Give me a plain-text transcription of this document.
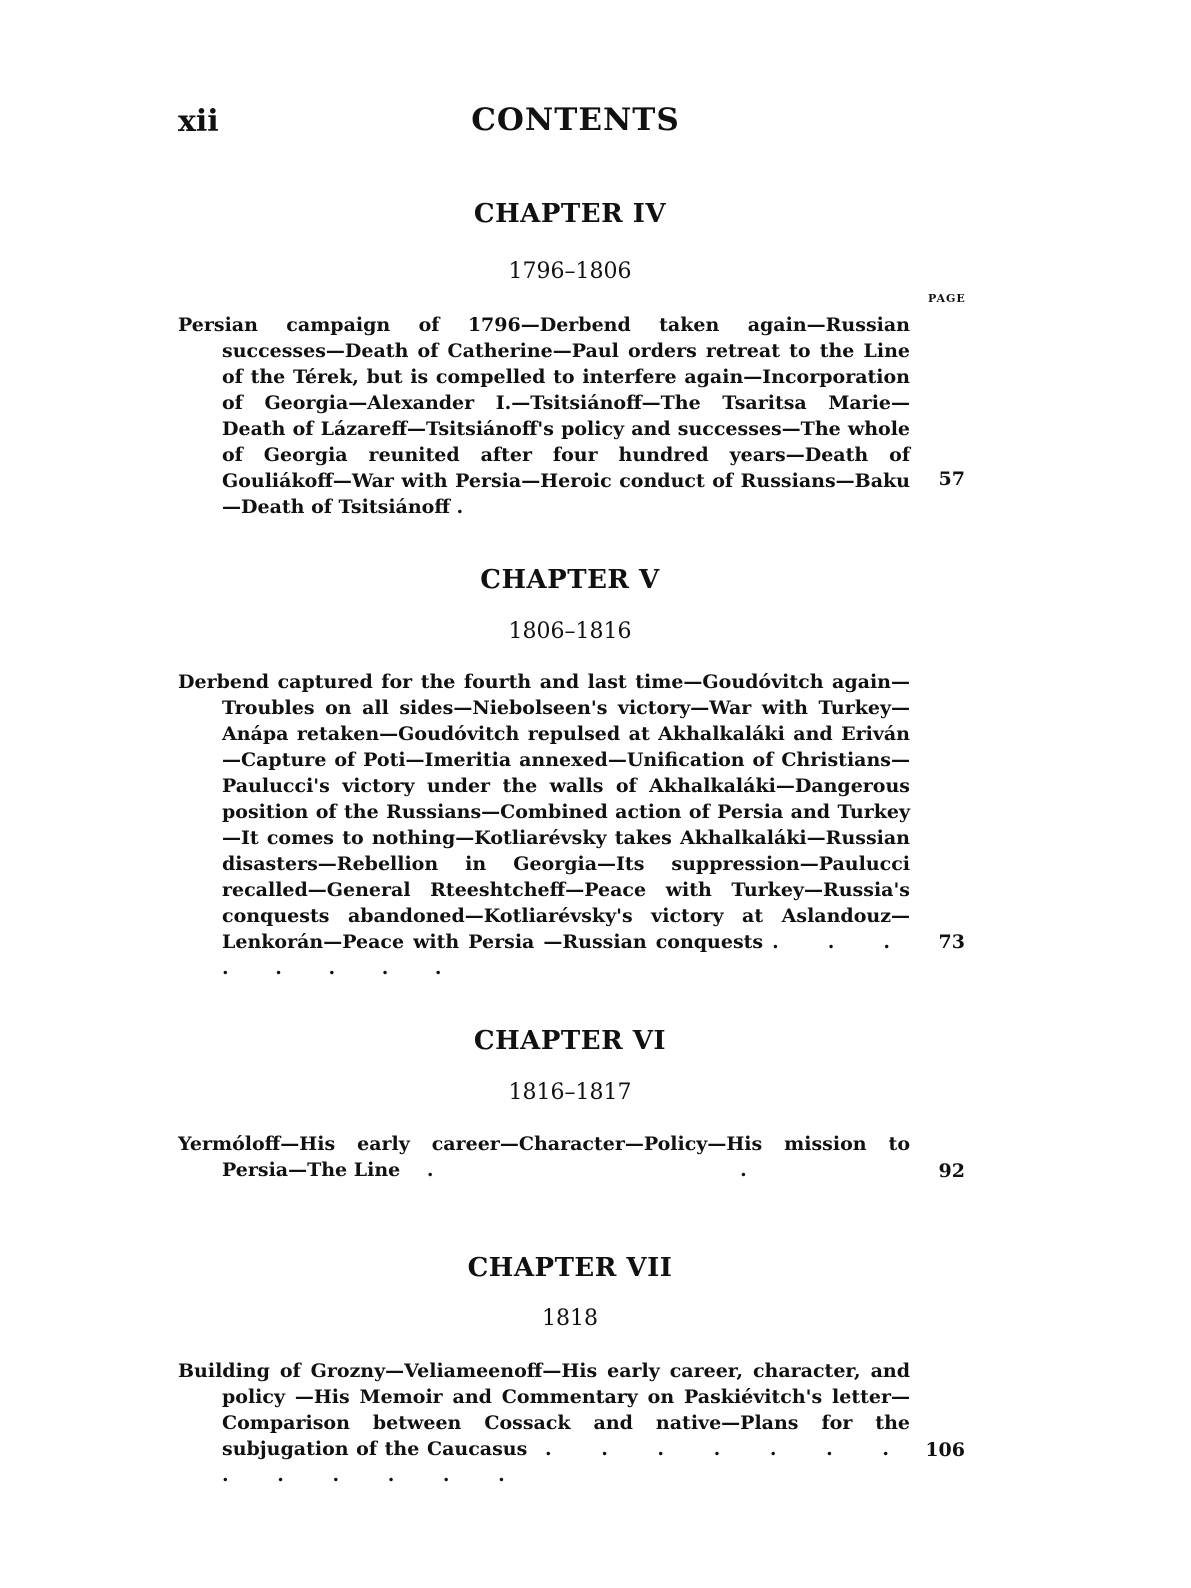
xii	CONTENTS
PAGE
CHAPTER IV
1796–1806
Persian campaign of 1796—Derbend taken again—Russian successes—Death of Catherine—Paul orders retreat to the Line of the Térek, but is compelled to interfere again—Incorporation of Georgia—Alexander I.—Tsitsiánoff—The Tsaritsa Marie—Death of Lázareff—Tsitsiánoff's policy and successes—The whole of Georgia reunited after four hundred years—Death of Gouliákoff—War with Persia—Heroic conduct of Russians—Baku—Death of Tsitsiánoff .
57
CHAPTER V
1806–1816
Derbend captured for the fourth and last time—Goudóvitch again—Troubles on all sides—Niebolseen's victory—War with Turkey—Anápa retaken—Goudóvitch repulsed at Akhalkaláki and Eriván—Capture of Poti—Imeritia annexed—Unification of Christians—Paulucci's victory under the walls of Akhalkaláki—Dangerous position of the Russians—Combined action of Persia and Turkey—It comes to nothing—Kotliarévsky takes Akhalkaláki—Russian disasters—Rebellion in Georgia—Its suppression—Paulucci recalled—General Rteeshtcheff—Peace with Turkey—Russia's conquests abandoned—Kotliarévsky's victory at Aslandouz—Lenkorán—Peace with Persia —Russian conquests . . . . . . . .
73
CHAPTER VI
1816–1817
Yermóloff—His early career—Character—Policy—His mission to Persia—The Line . .	92
CHAPTER VII
1818
Building of Grozny—Veliameenoff—His early career, character, and policy —His Memoir and Commentary on Paskiévitch's letter—Comparison between Cossack and native—Plans for the subjugation of the Caucasus . . . . . . . . . . . . .
106
